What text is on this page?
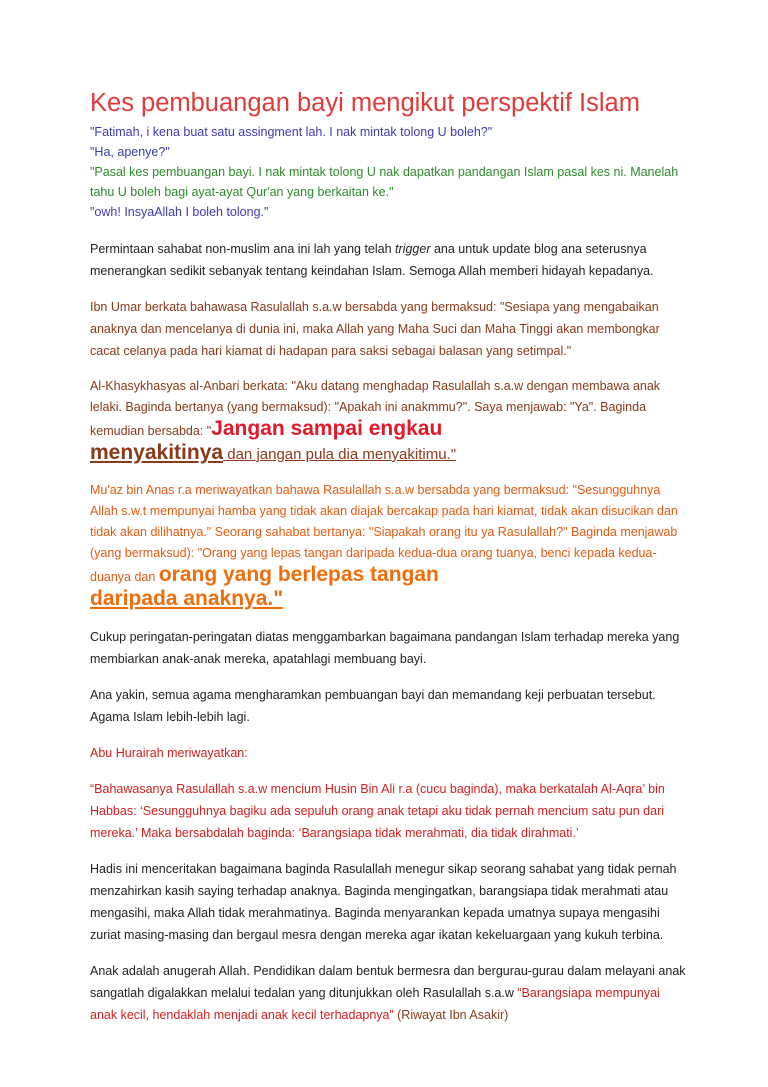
Kes pembuangan bayi mengikut perspektif Islam

"Fatimah, i kena buat satu assingment lah. I nak mintak tolong U boleh?"

"Ha, apenye?"

"Pasal kes pembuangan bayi. I nak mintak tolong U nak dapatkan pandangan Islam pasal kes ni. Manelah tahu U boleh bagi ayat-ayat Qur'an yang berkaitan ke."

"owh! InsyaAllah I boleh tolong."

Permintaan sahabat non-muslim ana ini lah yang telah trigger ana untuk update blog ana seterusnya menerangkan sedikit sebanyak tentang keindahan Islam. Semoga Allah memberi hidayah kepadanya.

Ibn Umar berkata bahawasa Rasulallah s.a.w bersabda yang bermaksud: "Sesiapa yang mengabaikan anaknya dan mencelanya di dunia ini, maka Allah yang Maha Suci dan Maha Tinggi akan membongkar cacat celanya pada hari kiamat di hadapan para saksi sebagai balasan yang setimpal."

Al-Khasykhasyas al-Anbari berkata: "Aku datang menghadap Rasulallah s.a.w dengan membawa anak lelaki. Baginda bertanya (yang bermaksud): "Apakah ini anakmmu?". Saya menjawab: "Ya". Baginda kemudian bersabda: "Jangan sampai engkau
menyakitinya dan jangan pula dia menyakitimu."

Mu'az bin Anas r.a meriwayatkan bahawa Rasulallah s.a.w bersabda yang bermaksud: "Sesungguhnya Allah s.w.t mempunyai hamba yang tidak akan diajak bercakap pada hari kiamat, tidak akan disucikan dan tidak akan dilihatnya." Seorang sahabat bertanya: "Siapakah orang itu ya Rasulallah?" Baginda menjawab (yang bermaksud): "Orang yang lepas tangan daripada kedua-dua orang tuanya, benci kepada kedua-duanya dan orang yang berlepas tangan
daripada anaknya."

Cukup peringatan-peringatan diatas menggambarkan bagaimana pandangan Islam terhadap mereka yang membiarkan anak-anak mereka, apatahlagi membuang bayi.

Ana yakin, semua agama mengharamkan pembuangan bayi dan memandang keji perbuatan tersebut. Agama Islam lebih-lebih lagi.

Abu Hurairah meriwayatkan:

“Bahawasanya Rasulallah s.a.w mencium Husin Bin Ali r.a (cucu baginda), maka berkatalah Al-Aqra’ bin Habbas: ‘Sesungguhnya bagiku ada sepuluh orang anak tetapi aku tidak pernah mencium satu pun dari mereka.’ Maka bersabdalah baginda: ‘Barangsiapa tidak merahmati, dia tidak dirahmati.’

Hadis ini menceritakan bagaimana baginda Rasulallah menegur sikap seorang sahabat yang tidak pernah menzahirkan kasih saying terhadap anaknya. Baginda mengingatkan, barangsiapa tidak merahmati atau mengasihi, maka Allah tidak merahmatinya. Baginda menyarankan kepada umatnya supaya mengasihi zuriat masing-masing dan bergaul mesra dengan mereka agar ikatan kekeluargaan yang kukuh terbina.

Anak adalah anugerah Allah. Pendidikan dalam bentuk bermesra dan bergurau-gurau dalam melayani anak sangatlah digalakkan melalui tedalan yang ditunjukkan oleh Rasulallah s.a.w “Barangsiapa mempunyai anak kecil, hendaklah menjadi anak kecil terhadapnya” (Riwayat Ibn Asakir)
